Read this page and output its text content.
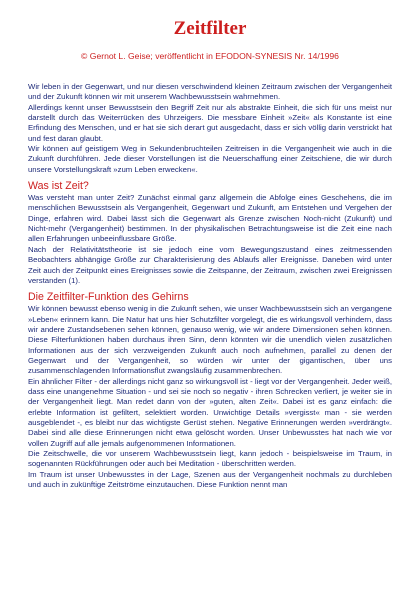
Zeitfilter
© Gernot L. Geise; veröffentlicht in EFODON-SYNESIS Nr. 14/1996

Wir leben in der Gegenwart, und nur diesen verschwindend kleinen Zeitraum zwischen der Vergangenheit und der Zukunft können wir mit unserem Wachbewusstsein wahrnehmen.

Allerdings kennt unser Bewusstsein den Begriff Zeit nur als abstrakte Einheit, die sich für uns meist nur darstellt durch das Weiterrücken des Uhrzeigers. Die messbare Einheit »Zeit« als Konstante ist eine Erfindung des Menschen, und er hat sie sich derart gut ausgedacht, dass er sich völlig darin verstrickt hat und fest daran glaubt.

Wir können auf geistigem Weg in Sekundenbruchteilen Zeitreisen in die Vergangenheit wie auch in die Zukunft durchführen. Jede dieser Vorstellungen ist die Neuerschaffung einer Zeitschiene, die wir durch unsere Vorstellungskraft »zum Leben erwecken«.

Was ist Zeit?

Was versteht man unter Zeit? Zunächst einmal ganz allgemein die Abfolge eines Geschehens, die im menschlichen Bewusstsein als Vergangenheit, Gegenwart und Zukunft, am Entstehen und Vergehen der Dinge, erfahren wird. Dabei lässt sich die Gegenwart als Grenze zwischen Noch-nicht (Zukunft) und Nicht-mehr (Vergangenheit) bestimmen. In der physikalischen Betrachtungsweise ist die Zeit eine nach allen Erfahrungen unbeeinflussbare Größe.

Nach der Relativitätstheorie ist sie jedoch eine vom Bewegungszustand eines zeitmessenden Beobachters abhängige Größe zur Charakterisierung des Ablaufs aller Ereignisse. Daneben wird unter Zeit auch der Zeitpunkt eines Ereignisses sowie die Zeitspanne, der Zeitraum, zwischen zwei Ereignissen verstanden (1).

Die Zeitfilter-Funktion des Gehirns

Wir können bewusst ebenso wenig in die Zukunft sehen, wie unser Wachbewusstsein sich an vergangene »Leben« erinnern kann. Die Natur hat uns hier Schutzfilter vorgelegt, die es wirkungsvoll verhindern, dass wir andere Zustandsebenen sehen können, genauso wenig, wie wir andere Dimensionen sehen können. Diese Filterfunktionen haben durchaus ihren Sinn, denn könnten wir die unendlich vielen zusätzlichen Informationen aus der sich verzweigenden Zukunft auch noch aufnehmen, parallel zu denen der Gegenwart und der Vergangenheit, so würden wir unter der gigantischen, über uns zusammenschlagenden Informationsflut zwangsläufig zusammenbrechen.

Ein ähnlicher Filter - der allerdings nicht ganz so wirkungsvoll ist - liegt vor der Vergangenheit. Jeder weiß, dass eine unangenehme Situation - und sei sie noch so negativ - ihren Schrecken verliert, je weiter sie in der Vergangenheit liegt. Man redet dann von der »guten, alten Zeit«. Dabei ist es ganz einfach: die erlebte Information ist gefiltert, selektiert worden. Unwichtige Details »vergisst« man - sie werden ausgeblendet -, es bleibt nur das wichtigste Gerüst stehen. Negative Erinnerungen werden »verdrängt«. Dabei sind alle diese Erinnerungen nicht etwa gelöscht worden. Unser Unbewusstes hat nach wie vor vollen Zugriff auf alle jemals aufgenommenen Informationen.

Die Zeitschwelle, die vor unserem Wachbewusstsein liegt, kann jedoch - beispielsweise im Traum, in sogenannten Rückführungen oder auch bei Meditation - überschritten werden.

Im Traum ist unser Unbewusstes in der Lage, Szenen aus der Vergangenheit nochmals zu durchleben und auch in zukünftige Zeitströme einzutauchen. Diese Funktion nennt man
